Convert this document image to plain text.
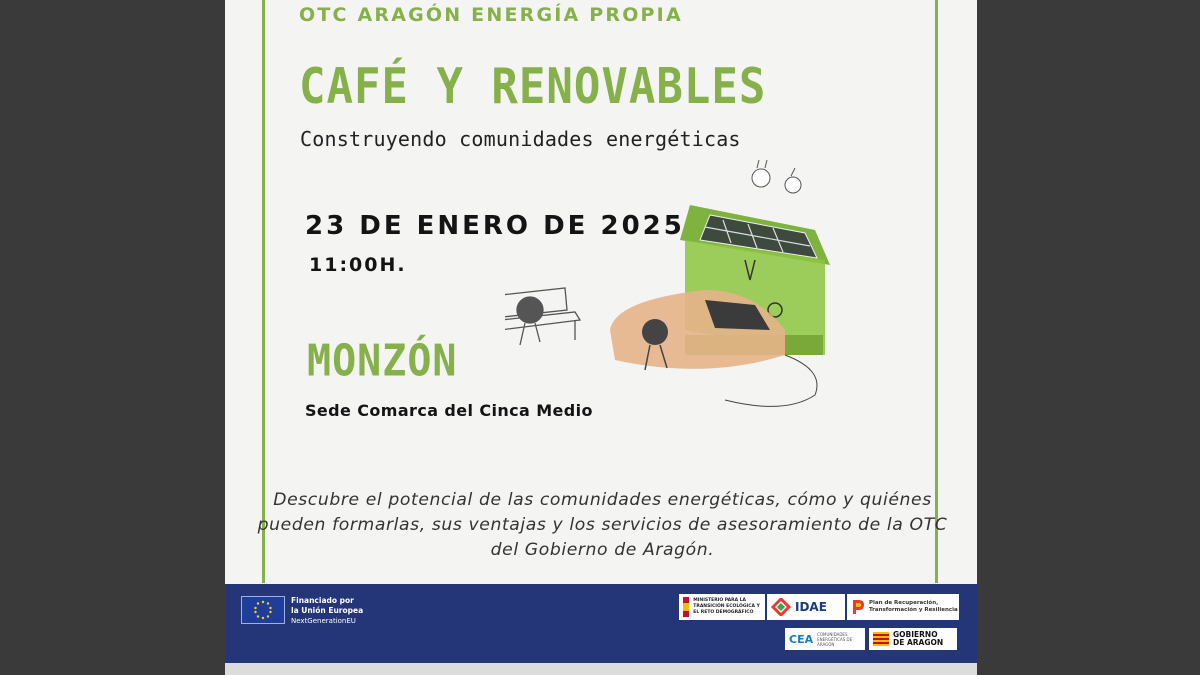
OTC ARAGÓN ENERGÍA PROPIA
CAFÉ Y RENOVABLES
Construyendo comunidades energéticas
23 DE ENERO DE 2025
11:00H.
MONZÓN
Sede Comarca del Cinca Medio
Descubre el potencial de las comunidades energéticas, cómo y quiénes pueden formarlas, sus ventajas y los servicios de asesoramiento de la OTC del Gobierno de Aragón.
Financiado por
la Unión Europea
NextGenerationEU
MINISTERIO PARA LA TRANSICIÓN ECOLÓGICA Y EL RETO DEMOGRÁFICO	IDAE	Plan de Recuperación,
Transformación y Resiliencia
CEA COMUNIDADES ENERGÉTICAS DE ARAGÓN
GOBIERNO
DE ARAGON
